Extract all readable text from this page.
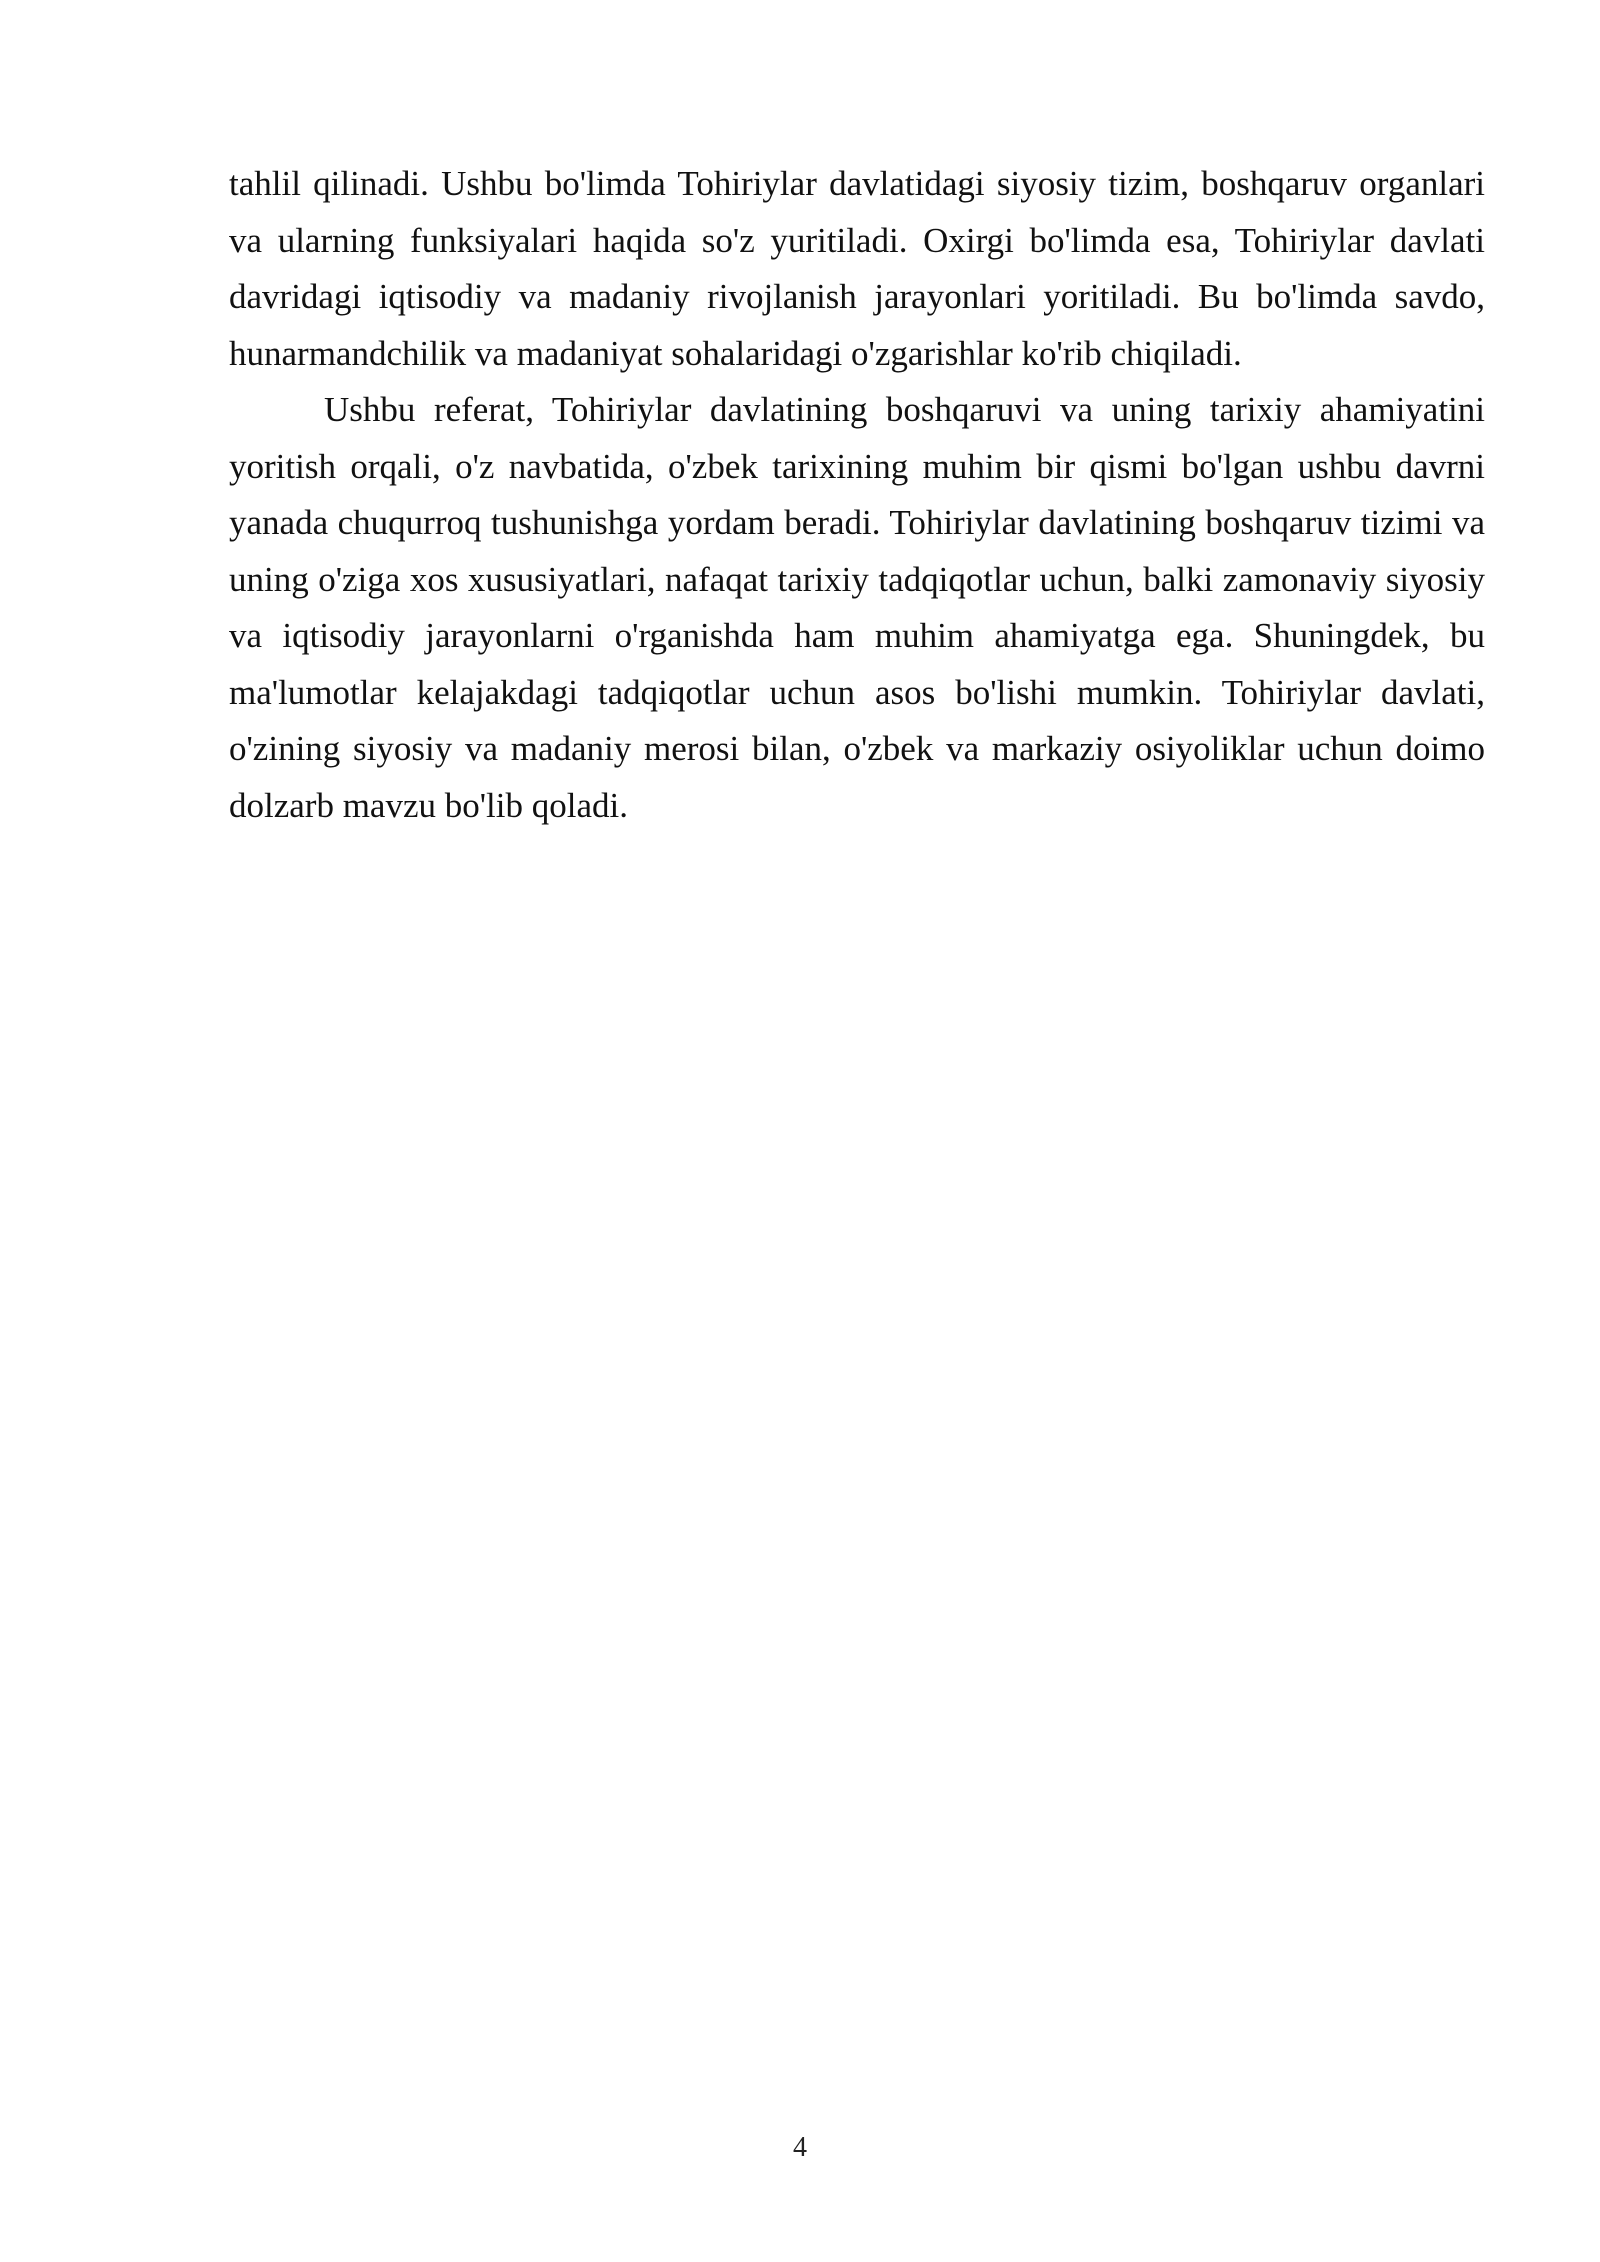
tahlil qilinadi. Ushbu bo'limda Tohiriylar davlatidagi siyosiy tizim, boshqaruv organlari va ularning funksiyalari haqida so'z yuritiladi. Oxirgi bo'limda esa, Tohiriylar davlati davridagi iqtisodiy va madaniy rivojlanish jarayonlari yoritiladi. Bu bo'limda savdo, hunarmandchilik va madaniyat sohalaridagi o'zgarishlar ko'rib chiqiladi.

Ushbu referat, Tohiriylar davlatining boshqaruvi va uning tarixiy ahamiyatini yoritish orqali, o'z navbatida, o'zbek tarixining muhim bir qismi bo'lgan ushbu davrni yanada chuqurroq tushunishga yordam beradi. Tohiriylar davlatining boshqaruv tizimi va uning o'ziga xos xususiyatlari, nafaqat tarixiy tadqiqotlar uchun, balki zamonaviy siyosiy va iqtisodiy jarayonlarni o'rganishda ham muhim ahamiyatga ega. Shuningdek, bu ma'lumotlar kelajakdagi tadqiqotlar uchun asos bo'lishi mumkin. Tohiriylar davlati, o'zining siyosiy va madaniy merosi bilan, o'zbek va markaziy osiyoliklar uchun doimo dolzarb mavzu bo'lib qoladi.

4
